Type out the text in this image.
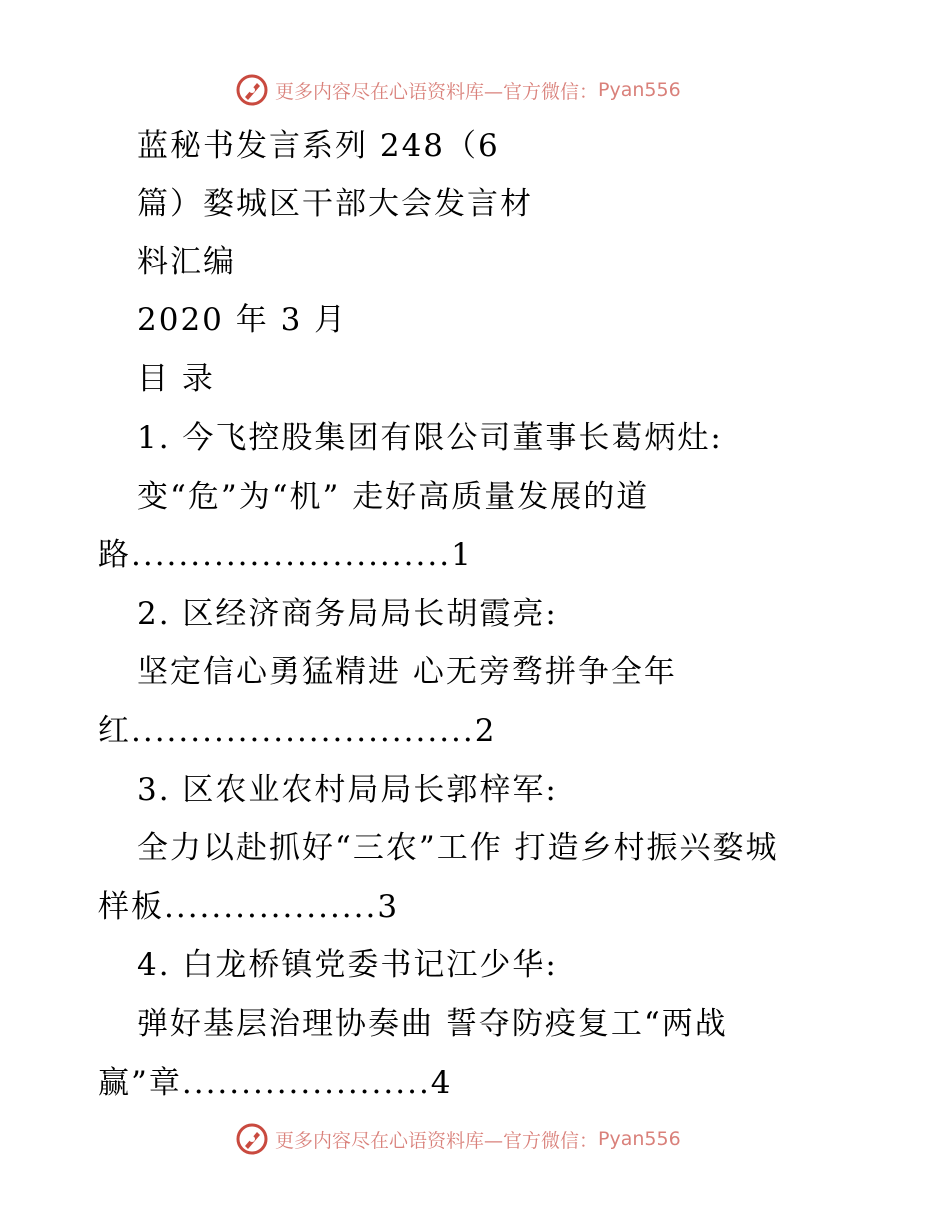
更多内容尽在心语资料库—官方微信： Pyan556
蓝秘书发言系列 248（6
篇）婺城区干部大会发言材
料汇编
2020 年 3 月
目 录
1. 今飞控股集团有限公司董事长葛炳灶:
变“危”为“机” 走好高质量发展的道
路...........................1
2. 区经济商务局局长胡霞亮:
坚定信心勇猛精进 心无旁骛拼争全年
红.............................2
3. 区农业农村局局长郭梓军:
全力以赴抓好“三农”工作 打造乡村振兴婺城
样板..................3
4. 白龙桥镇党委书记江少华:
弹好基层治理协奏曲 誓夺防疫复工“两战
赢”章.....................4
更多内容尽在心语资料库—官方微信： Pyan556
